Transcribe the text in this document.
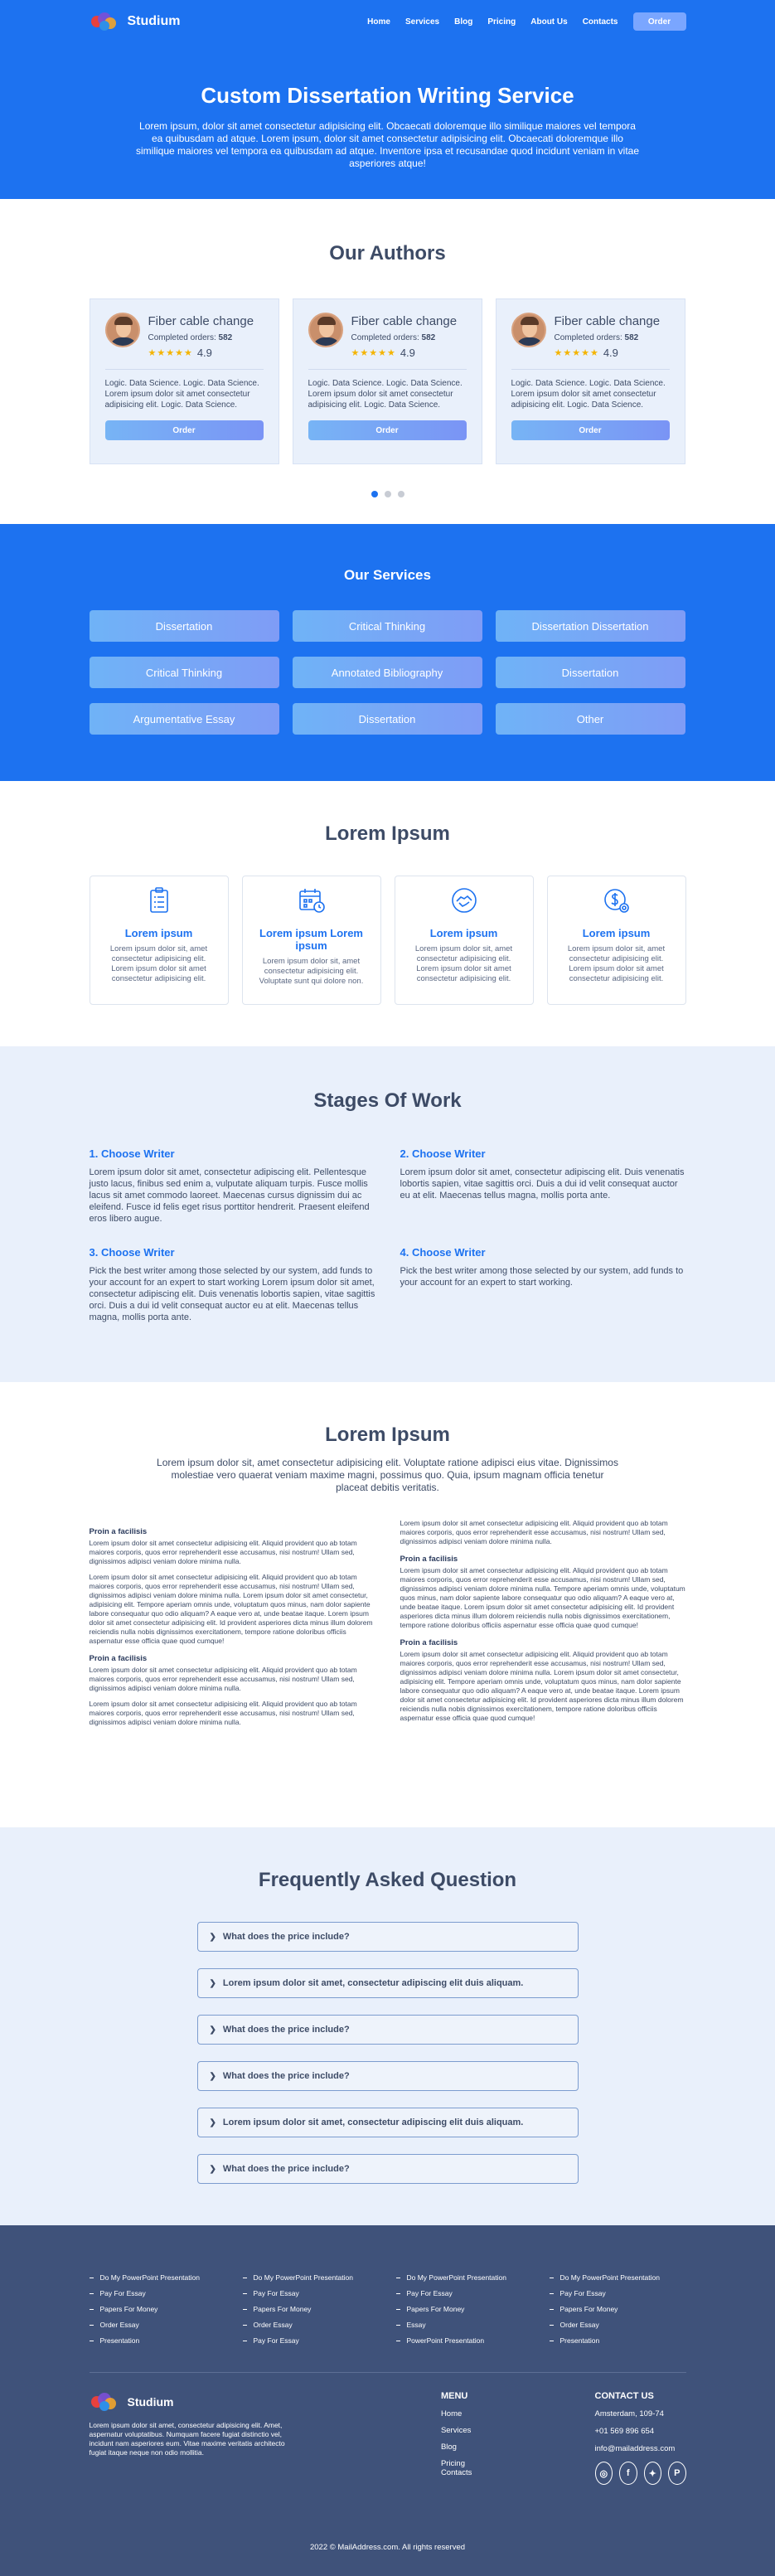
Studium	Home Services Blog Pricing About Us Contacts	Order
Custom Dissertation Writing Service

Lorem ipsum, dolor sit amet consectetur adipisicing elit. Obcaecati doloremque illo similique maiores vel tempora ea quibusdam ad atque. Lorem ipsum, dolor sit amet consectetur adipisicing elit. Obcaecati doloremque illo similique maiores vel tempora ea quibusdam ad atque. Inventore ipsa et recusandae quod incidunt veniam in vitae asperiores atque!

Our Authors
Fiber cable change
Completed orders: 582
★★★★★ 4.9
Logic. Data Science. Logic. Data Science. Lorem ipsum dolor sit amet consectetur adipisicing elit. Logic. Data Science.
Order
Fiber cable change
Completed orders: 582
★★★★★ 4.9
Logic. Data Science. Logic. Data Science. Lorem ipsum dolor sit amet consectetur adipisicing elit. Logic. Data Science.
Order
Fiber cable change
Completed orders: 582
★★★★★ 4.9
Logic. Data Science. Logic. Data Science. Lorem ipsum dolor sit amet consectetur adipisicing elit. Logic. Data Science.
Order
Our Services
Dissertation	Critical Thinking	Dissertation Dissertation
Critical Thinking	Annotated Bibliography	Dissertation
Argumentative Essay	Dissertation	Other
Lorem Ipsum
Lorem ipsum
Lorem ipsum dolor sit, amet consectetur adipisicing elit. Lorem ipsum dolor sit amet consectetur adipisicing elit.
Lorem ipsum Lorem ipsum
Lorem ipsum dolor sit, amet consectetur adipisicing elit. Voluptate sunt qui dolore non.
Lorem ipsum
Lorem ipsum dolor sit, amet consectetur adipisicing elit. Lorem ipsum dolor sit amet consectetur adipisicing elit.
Lorem ipsum
Lorem ipsum dolor sit, amet consectetur adipisicing elit. Lorem ipsum dolor sit amet consectetur adipisicing elit.
Stages Of Work
1. Choose Writer

Lorem ipsum dolor sit amet, consectetur adipiscing elit. Pellentesque justo lacus, finibus sed enim a, vulputate aliquam turpis. Fusce mollis lacus sit amet commodo laoreet. Maecenas cursus dignissim dui ac eleifend. Fusce id felis eget risus porttitor hendrerit. Praesent eleifend eros libero augue.

2. Choose Writer

Lorem ipsum dolor sit amet, consectetur adipiscing elit. Duis venenatis lobortis sapien, vitae sagittis orci. Duis a dui id velit consequat auctor eu at elit. Maecenas tellus magna, mollis porta ante.

3. Choose Writer

Pick the best writer among those selected by our system, add funds to your account for an expert to start working Lorem ipsum dolor sit amet, consectetur adipiscing elit. Duis venenatis lobortis sapien, vitae sagittis orci. Duis a dui id velit consequat auctor eu at elit. Maecenas tellus magna, mollis porta ante.

4. Choose Writer

Pick the best writer among those selected by our system, add funds to your account for an expert to start working.

Lorem Ipsum

Lorem ipsum dolor sit, amet consectetur adipisicing elit. Voluptate ratione adipisci eius vitae. Dignissimos molestiae vero quaerat veniam maxime magni, possimus quo. Quia, ipsum magnam officia tenetur placeat debitis veritatis.

Proin a facilisis

Lorem ipsum dolor sit amet consectetur adipisicing elit. Aliquid provident quo ab totam maiores corporis, quos error reprehenderit esse accusamus, nisi nostrum! Ullam sed, dignissimos adipisci veniam dolore minima nulla.

Lorem ipsum dolor sit amet consectetur adipisicing elit. Aliquid provident quo ab totam maiores corporis, quos error reprehenderit esse accusamus, nisi nostrum! Ullam sed, dignissimos adipisci veniam dolore minima nulla. Lorem ipsum dolor sit amet consectetur, adipisicing elit. Tempore aperiam omnis unde, voluptatum quos minus, nam dolor sapiente labore consequatur quo odio aliquam? A eaque vero at, unde beatae itaque. Lorem ipsum dolor sit amet consectetur adipisicing elit. Id provident asperiores dicta minus illum dolorem reiciendis nulla nobis dignissimos exercitationem, tempore ratione doloribus officiis aspernatur esse officia quae quod cumque!

Proin a facilisis

Lorem ipsum dolor sit amet consectetur adipisicing elit. Aliquid provident quo ab totam maiores corporis, quos error reprehenderit esse accusamus, nisi nostrum! Ullam sed, dignissimos adipisci veniam dolore minima nulla.

Lorem ipsum dolor sit amet consectetur adipisicing elit. Aliquid provident quo ab totam maiores corporis, quos error reprehenderit esse accusamus, nisi nostrum! Ullam sed, dignissimos adipisci veniam dolore minima nulla.

Lorem ipsum dolor sit amet consectetur adipisicing elit. Aliquid provident quo ab totam maiores corporis, quos error reprehenderit esse accusamus, nisi nostrum! Ullam sed, dignissimos adipisci veniam dolore minima nulla.

Proin a facilisis

Lorem ipsum dolor sit amet consectetur adipisicing elit. Aliquid provident quo ab totam maiores corporis, quos error reprehenderit esse accusamus, nisi nostrum! Ullam sed, dignissimos adipisci veniam dolore minima nulla. Tempore aperiam omnis unde, voluptatum quos minus, nam dolor sapiente labore consequatur quo odio aliquam? A eaque vero at, unde beatae itaque. Lorem ipsum dolor sit amet consectetur adipisicing elit. Id provident asperiores dicta minus illum dolorem reiciendis nulla nobis dignissimos exercitationem, tempore ratione doloribus officiis aspernatur esse officia quae quod cumque!

Proin a facilisis

Lorem ipsum dolor sit amet consectetur adipisicing elit. Aliquid provident quo ab totam maiores corporis, quos error reprehenderit esse accusamus, nisi nostrum! Ullam sed, dignissimos adipisci veniam dolore minima nulla. Lorem ipsum dolor sit amet consectetur, adipisicing elit. Tempore aperiam omnis unde, voluptatum quos minus, nam dolor sapiente labore consequatur quo odio aliquam? A eaque vero at, unde beatae itaque. Lorem ipsum dolor sit amet consectetur adipisicing elit. Id provident asperiores dicta minus illum dolorem reiciendis nulla nobis dignissimos exercitationem, tempore ratione doloribus officiis aspernatur esse officia quae quod cumque!

Frequently Asked Question
❯ What does the price include?
❯ Lorem ipsum dolor sit amet, consectetur adipiscing elit duis aliquam.
❯ What does the price include?
❯ What does the price include?
❯ Lorem ipsum dolor sit amet, consectetur adipiscing elit duis aliquam.
❯ What does the price include?
Do My PowerPoint Presentation
Pay For Essay
Papers For Money
Order Essay
Presentation
Do My PowerPoint Presentation
Pay For Essay
Papers For Money
Order Essay
Pay For Essay
Do My PowerPoint Presentation
Pay For Essay
Papers For Money
Essay
PowerPoint Presentation
Do My PowerPoint Presentation
Pay For Essay
Papers For Money
Order Essay
Presentation
Studium

Lorem ipsum dolor sit amet, consectetur adipisicing elit. Amet, aspernatur voluptatibus. Numquam facere fugiat distinctio vel, incidunt nam asperiores eum. Vitae maxime veritatis architecto fugiat itaque neque non odio mollitia.

MENU
Home
Services
Blog
Pricing
Contacts
CONTACT US
Amsterdam, 109-74
+01 569 896 654
info@mailaddress.com
◎	f	✦	P
2022 © MailAddress.com. All rights reserved
